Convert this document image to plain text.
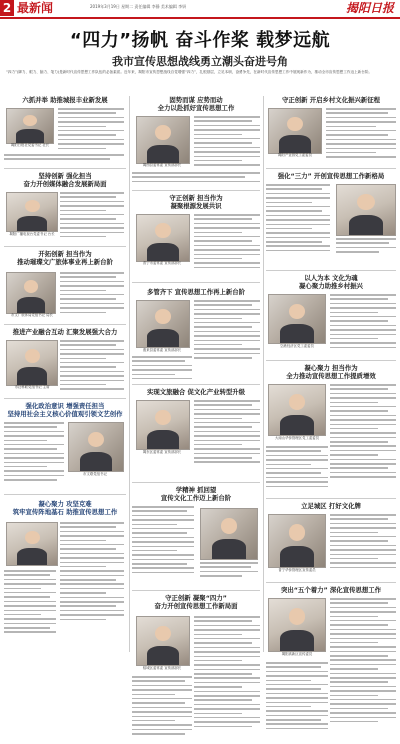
2 最新闻	2019年3月19日 星期二 责任编辑 李静 美术编辑 李妍	揭阳日报
“四力”扬帆 奋斗作桨 载梦远航
我市宣传思想战线勇立潮头奋进号角
“四力”(脚力、眼力、脑力、笔力)是新时代宣传思想工作队伍的必备素质。近年来，揭阳市宣传思想战线自觉增强“四力”，扎根基层，立足本职，奋勇争先，在新时代宣传思想工作中展现新作为，推动全市宣传思想工作迈上新台阶。
六抓并举 助推城报丰业新发展
揭阳日报社党委书记 社长
坚持创新 强化担当
奋力开创媒体融合发展新局面
揭阳广播电视台党委书记 台长
开拓创新 担当作为
推动璀璨文广旅体事业再上新台阶
市文广旅体局党组书记 局长
推进产业融合互动 汇聚发展强大合力
市社科联党组书记 主席
强化政治意识 增强责任担当
坚持用社会主义核心价值观引领文艺创作
市文联党组书记
凝心聚力 攻坚克难
筑牢宣传阵地基石 助推宣传思想工作
固势而谋 应势而动
全力以赴抓好宣传思想工作
揭西县委常委 宣传部部长
守正创新 担当作为
凝聚根源发展共识
普宁市委常委 宣传部部长
多管齐下 宣传思想工作再上新台阶
惠来县委常委 宣传部部长
实现文旅融合 促文化产业转型升级
揭东区委常委 宣传部部长
学精神 抓回望
宣传文化工作迈上新台阶
守正创新 凝聚“四力”
奋力开创宣传思想工作新局面
榕城区委常委 宣传部部长
守正创新 开启乡村文化振兴新征程
揭阳产业园党工委委员
强化“三力” 开创宣传思想工作新格局
以人为本 文化为魂
凝心聚力助推乡村振兴
空港经济区党工委委员
凝心聚力 担当作为
全力推动宣传思想工作提质增效
大南山华侨管理区党工委委员
立足城区 打好文化牌
普宁华侨管理区宣传委员
突出“五个着力” 深化宣传思想工作
揭阳高新区宣传委员
